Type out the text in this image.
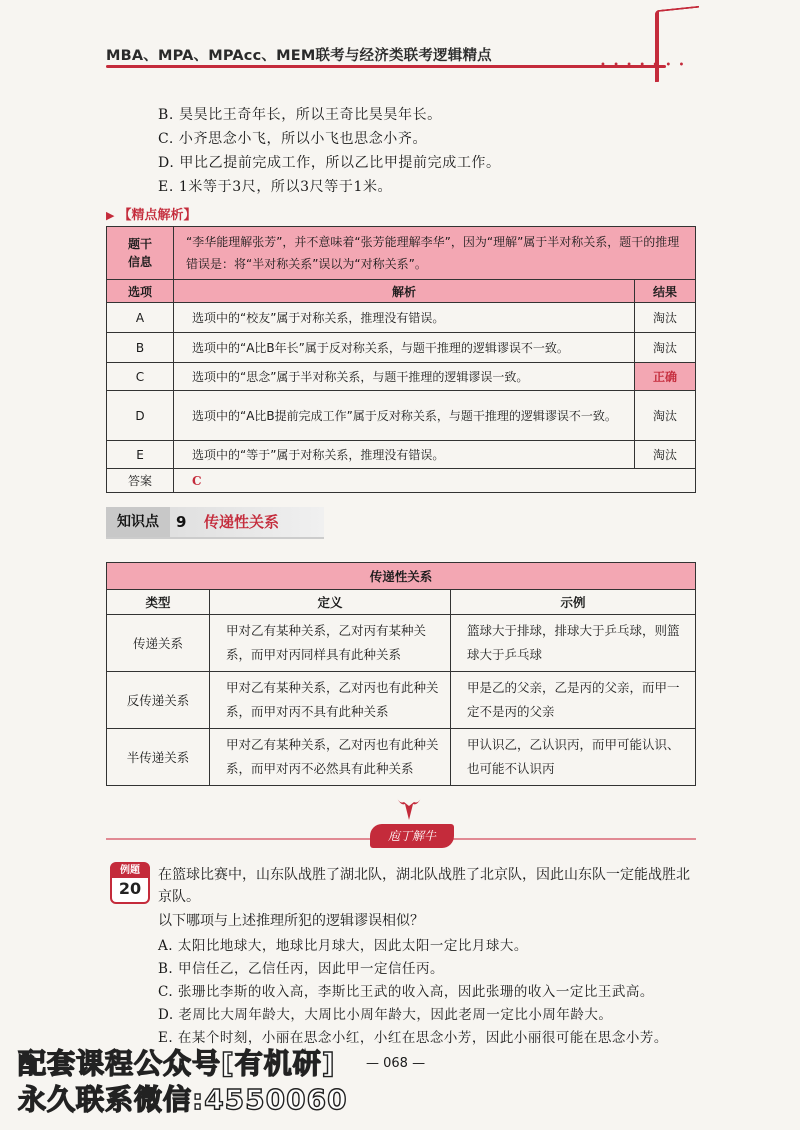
MBA、MPA、MPAcc、MEM联考与经济类联考逻辑精点
• • • • • • •
B. 昊昊比王奇年长，所以王奇比昊昊年长。
C. 小齐思念小飞，所以小飞也思念小齐。
D. 甲比乙提前完成工作，所以乙比甲提前完成工作。
E. 1米等于3尺，所以3尺等于1米。
▶ 【精点解析】
题干
信息	“李华能理解张芳”，并不意味着“张芳能理解李华”，因为“理解”属于半对称关系，题干的推理错误是：将“半对称关系”误以为“对称关系”。	
选项	解析	结果
A	选项中的“校友”属于对称关系，推理没有错误。	淘汰
B	选项中的“A比B年长”属于反对称关系，与题干推理的逻辑谬误不一致。	淘汰
C	选项中的“思念”属于半对称关系，与题干推理的逻辑谬误一致。	正确
D	选项中的“A比B提前完成工作”属于反对称关系，与题干推理的逻辑谬误不一致。	淘汰
E	选项中的“等于”属于对称关系，推理没有错误。	淘汰
答案	C	
知识点	9 传递性关系
传递性关系		
类型	定义	示例
传递关系	甲对乙有某种关系，乙对丙有某种关系，而甲对丙同样具有此种关系	篮球大于排球，排球大于乒乓球，则篮球大于乒乓球
反传递关系	甲对乙有某种关系，乙对丙也有此种关系，而甲对丙不具有此种关系	甲是乙的父亲，乙是丙的父亲，而甲一定不是丙的父亲
半传递关系	甲对乙有某种关系，乙对丙也有此种关系，而甲对丙不必然具有此种关系	甲认识乙，乙认识丙，而甲可能认识、也可能不认识丙
庖丁解牛
例题
20
在篮球比赛中，山东队战胜了湖北队，湖北队战胜了北京队，因此山东队一定能战胜北
京队。
以下哪项与上述推理所犯的逻辑谬误相似？
A. 太阳比地球大，地球比月球大，因此太阳一定比月球大。
B. 甲信任乙，乙信任丙，因此甲一定信任丙。
C. 张珊比李斯的收入高，李斯比王武的收入高，因此张珊的收入一定比王武高。
D. 老周比大周年龄大，大周比小周年龄大，因此老周一定比小周年龄大。
E. 在某个时刻，小丽在思念小红，小红在思念小芳，因此小丽很可能在思念小芳。
— 068 —
配套课程公众号[有机研]
永久联系微信:4550060
